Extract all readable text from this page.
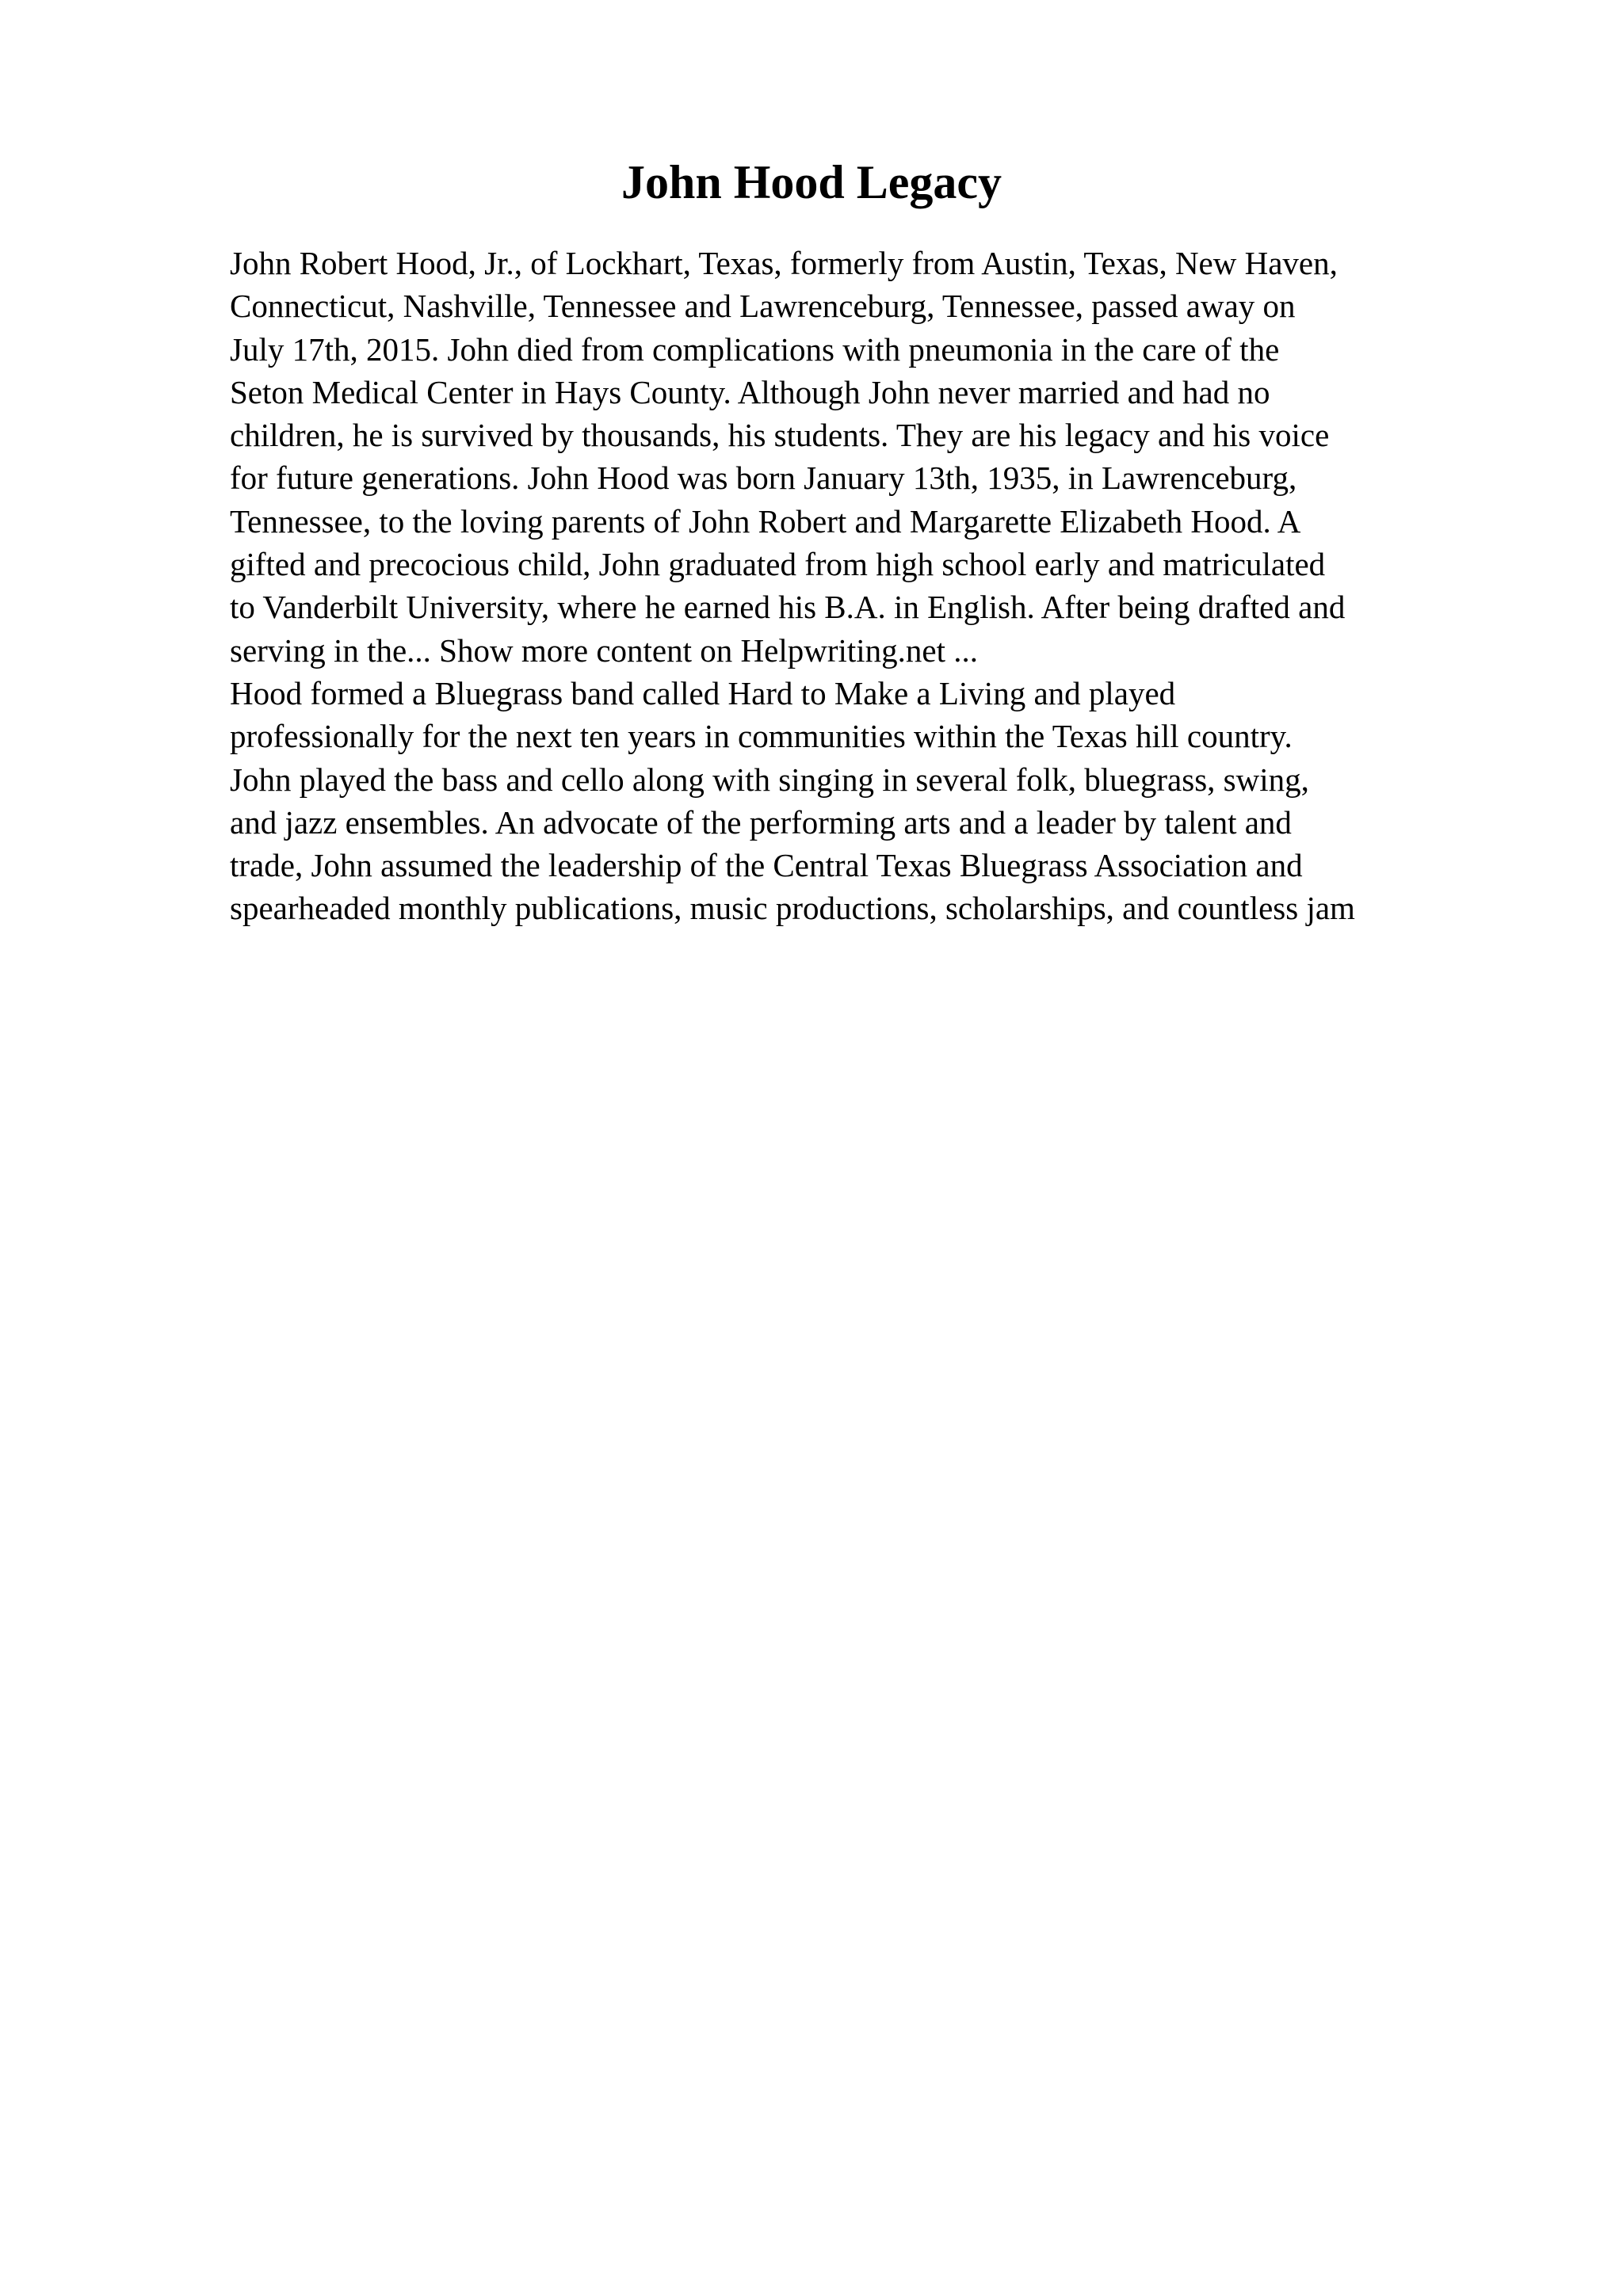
John Hood Legacy
John Robert Hood, Jr., of Lockhart, Texas, formerly from Austin, Texas, New Haven,
Connecticut, Nashville, Tennessee and Lawrenceburg, Tennessee, passed away on
July 17th, 2015. John died from complications with pneumonia in the care of the
Seton Medical Center in Hays County. Although John never married and had no
children, he is survived by thousands, his students. They are his legacy and his voice
for future generations. John Hood was born January 13th, 1935, in Lawrenceburg,
Tennessee, to the loving parents of John Robert and Margarette Elizabeth Hood. A
gifted and precocious child, John graduated from high school early and matriculated
to Vanderbilt University, where he earned his B.A. in English. After being drafted and
serving in the... Show more content on Helpwriting.net ...
Hood formed a Bluegrass band called Hard to Make a Living and played
professionally for the next ten years in communities within the Texas hill country.
John played the bass and cello along with singing in several folk, bluegrass, swing,
and jazz ensembles. An advocate of the performing arts and a leader by talent and
trade, John assumed the leadership of the Central Texas Bluegrass Association and
spearheaded monthly publications, music productions, scholarships, and countless jam
